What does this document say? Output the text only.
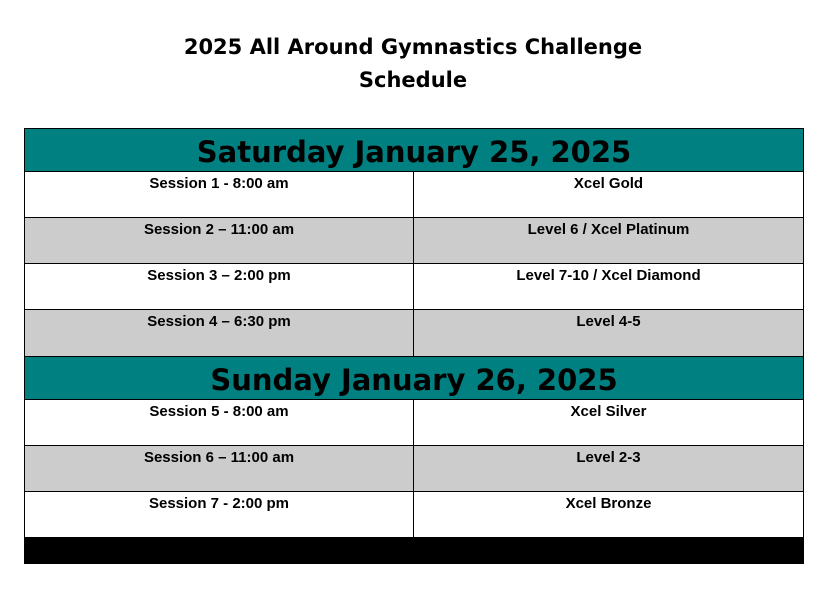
2025 All Around Gymnastics Challenge
Schedule
Saturday January 25, 2025
Session 1 - 8:00 am	Xcel Gold
Session 2 – 11:00 am	Level 6 / Xcel Platinum
Session 3 – 2:00 pm	Level 7-10 / Xcel Diamond
Session 4 – 6:30 pm	Level 4-5
Sunday January 26, 2025
Session 5 - 8:00 am	Xcel Silver
Session 6 – 11:00 am	Level 2-3
Session 7 - 2:00 pm	Xcel Bronze
